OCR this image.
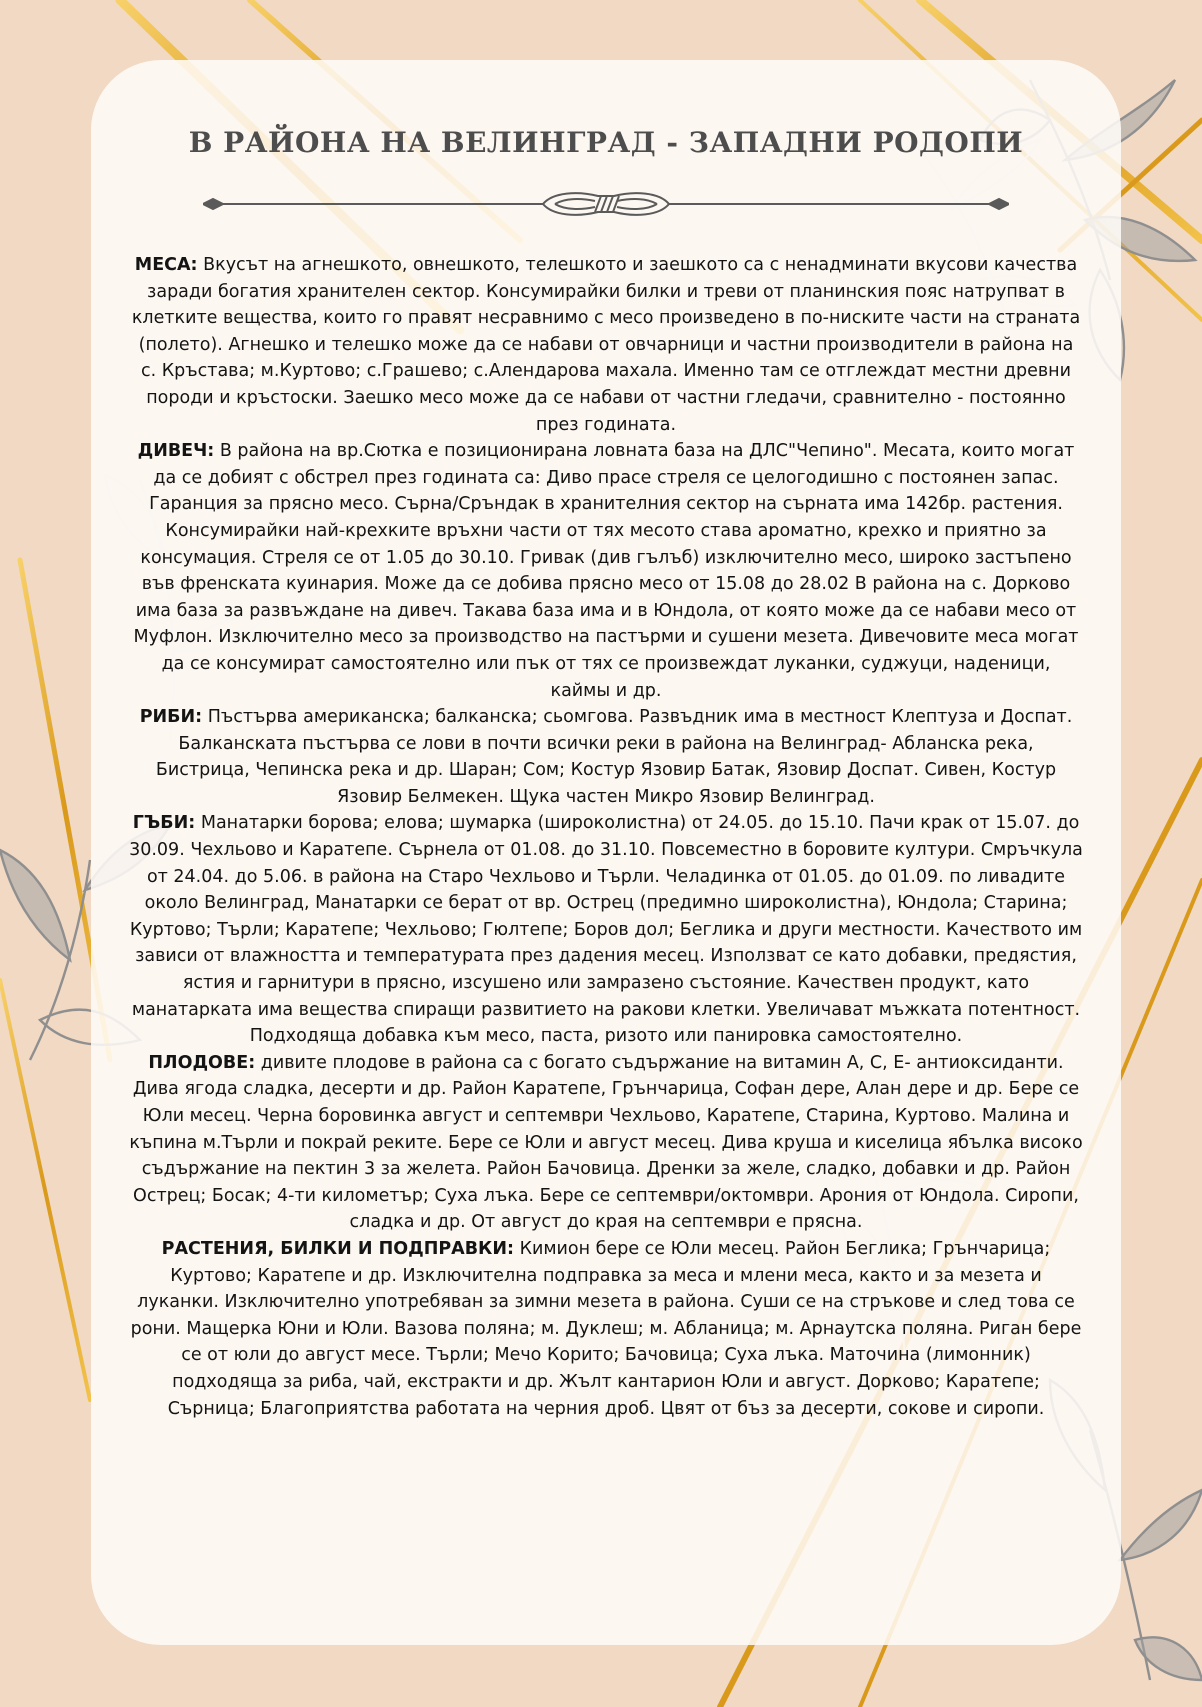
В РАЙОНА НА ВЕЛИНГРАД - ЗАПАДНИ РОДОПИ

МЕСА: Вкусът на агнешкото, овнешкото, телешкото и заешкото са с ненадминати вкусови качества заради богатия хранителен сектор. Консумирайки билки и треви от планинския пояс натрупват в клетките вещества, които го правят несравнимо с месо произведено в по-ниските части на страната (полето). Агнешко и телешко може да се набави от овчарници и частни производители в района на с. Кръстава; м.Куртово; с.Грашево; с.Алендарова махала. Именно там се отглеждат местни древни породи и кръстоски. Заешко месо може да се набави от частни гледачи, сравнително - постоянно през годината.

ДИВЕЧ: В района на вр.Сютка е позиционирана ловната база на ДЛС"Чепино". Месата, които могат да се добият с обстрел през годината са: Диво прасе стреля се целогодишно с постоянен запас. Гаранция за прясно месо. Сърна/Сръндак в хранителния сектор на сърната има 142бр. растения. Консумирайки най-крехките връхни части от тях месото става ароматно, крехко и приятно за консумация. Стреля се от 1.05 до 30.10. Гривак (див гълъб) изключително месо, широко застъпено във френската куинария. Може да се добива прясно месо от 15.08 до 28.02 В района на с. Дорково има база за развъждане на дивеч. Такава база има и в Юндола, от която може да се набави месо от Муфлон. Изключително месо за производство на пастърми и сушени мезета. Дивечовите меса могат да се консумират самостоятелно или пък от тях се произвеждат луканки, суджуци, наденици, каймы и др.

РИБИ: Пъстърва американска; балканска; сьомгова. Развъдник има в местност Клептуза и Доспат. Балканската пъстърва се лови в почти всички реки в района на Велинград- Абланска река, Бистрица, Чепинска река и др. Шаран; Сом; Костур Язовир Батак, Язовир Доспат. Сивен, Костур Язовир Белмекен. Щука частен Микро Язовир Велинград.

ГЪБИ: Манатарки борова; елова; шумарка (широколистна) от 24.05. до 15.10. Пачи крак от 15.07. до 30.09. Чехльово и Каратепе. Сърнела от 01.08. до 31.10. Повсеместно в боровите култури. Смръчкула от 24.04. до 5.06. в района на Старо Чехльово и Търли. Челадинка от 01.05. до 01.09. по ливадите около Велинград, Манатарки се берат от вр. Острец (предимно широколистна), Юндола; Старина; Куртово; Търли; Каратепе; Чехльово; Гюлтепе; Боров дол; Беглика и други местности. Качеството им зависи от влажността и температурата през дадения месец. Използват се като добавки, предястия, ястия и гарнитури в прясно, изсушено или замразено състояние. Качествен продукт, като манатарката има вещества спиращи развитието на ракови клетки. Увеличават мъжката потентност. Подходяща добавка към месо, паста, ризото или панировка самостоятелно.

ПЛОДОВЕ: дивите плодове в района са с богато съдържание на витамин А, С, Е- антиоксиданти. Дива ягода сладка, десерти и др. Район Каратепе, Грънчарица, Софан дере, Алан дере и др. Бере се Юли месец. Черна боровинка август и септември Чехльово, Каратепе, Старина, Куртово. Малина и къпина м.Търли и покрай реките. Бере се Юли и август месец. Дива круша и киселица ябълка високо съдържание на пектин 3 за желета. Район Бачовица. Дренки за желе, сладко, добавки и др. Район Острец; Босак; 4-ти километър; Суха лъка. Бере се септември/октомври. Арония от Юндола. Сиропи, сладка и др. От август до края на септември е прясна.

РАСТЕНИЯ, БИЛКИ И ПОДПРАВКИ: Кимион бере се Юли месец. Район Беглика; Грънчарица; Куртово; Каратепе и др. Изключителна подправка за меса и млени меса, както и за мезета и луканки. Изключително употребяван за зимни мезета в района. Суши се на стръкове и след това се рони. Мащерка Юни и Юли. Вазова поляна; м. Дуклеш; м. Абланица; м. Арнаутска поляна. Риган бере се от юли до август месе. Търли; Мечо Корито; Бачовица; Суха лъка. Маточина (лимонник) подходяща за риба, чай, екстракти и др. Жълт кантарион Юли и август. Дорково; Каратепе; Сърница; Благоприятства работата на черния дроб. Цвят от бъз за десерти, сокове и сиропи.
